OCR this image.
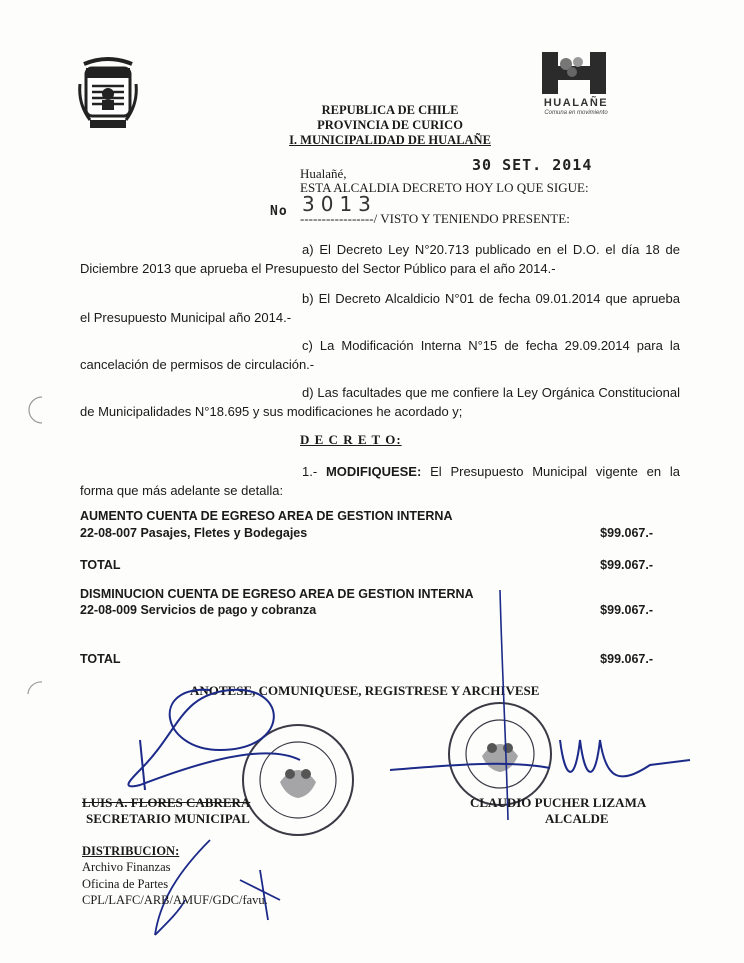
HUALAÑE
Comuna en movimiento
REPUBLICA DE CHILE
PROVINCIA DE CURICO
I. MUNICIPALIDAD DE HUALAÑE
Hualañé,	30 SET. 2014
ESTA ALCALDIA DECRETO HOY LO QUE SIGUE:
No 3013
-----------------/ VISTO Y TENIENDO PRESENTE:
a) El Decreto Ley N°20.713 publicado en el D.O. el día 18 de Diciembre 2013 que aprueba el Presupuesto del Sector Público para el año 2014.-
b) El Decreto Alcaldicio N°01 de fecha 09.01.2014 que aprueba el Presupuesto Municipal año 2014.-
c) La Modificación Interna N°15 de fecha 29.09.2014 para la cancelación de permisos de circulación.-
d) Las facultades que me confiere la Ley Orgánica Constitucional de Municipalidades N°18.695 y sus modificaciones he acordado y;
D E C R E T O:
1.- MODIFIQUESE: El Presupuesto Municipal vigente en la forma que más adelante se detalla:
AUMENTO CUENTA DE EGRESO AREA DE GESTION INTERNA
22-08-007 Pasajes, Fletes y Bodegajes	$99.067.-
TOTAL	$99.067.-
DISMINUCION CUENTA DE EGRESO AREA DE GESTION INTERNA
22-08-009 Servicios de pago y cobranza	$99.067.-
TOTAL	$99.067.-
ANOTESE, COMUNIQUESE, REGISTRESE Y ARCHIVESE
LUIS A. FLORES CABRERA
SECRETARIO MUNICIPAL
CLAUDIO PUCHER LIZAMA
ALCALDE
DISTRIBUCION:
Archivo Finanzas
Oficina de Partes
CPL/LAFC/ARB/AMUF/GDC/favu.
